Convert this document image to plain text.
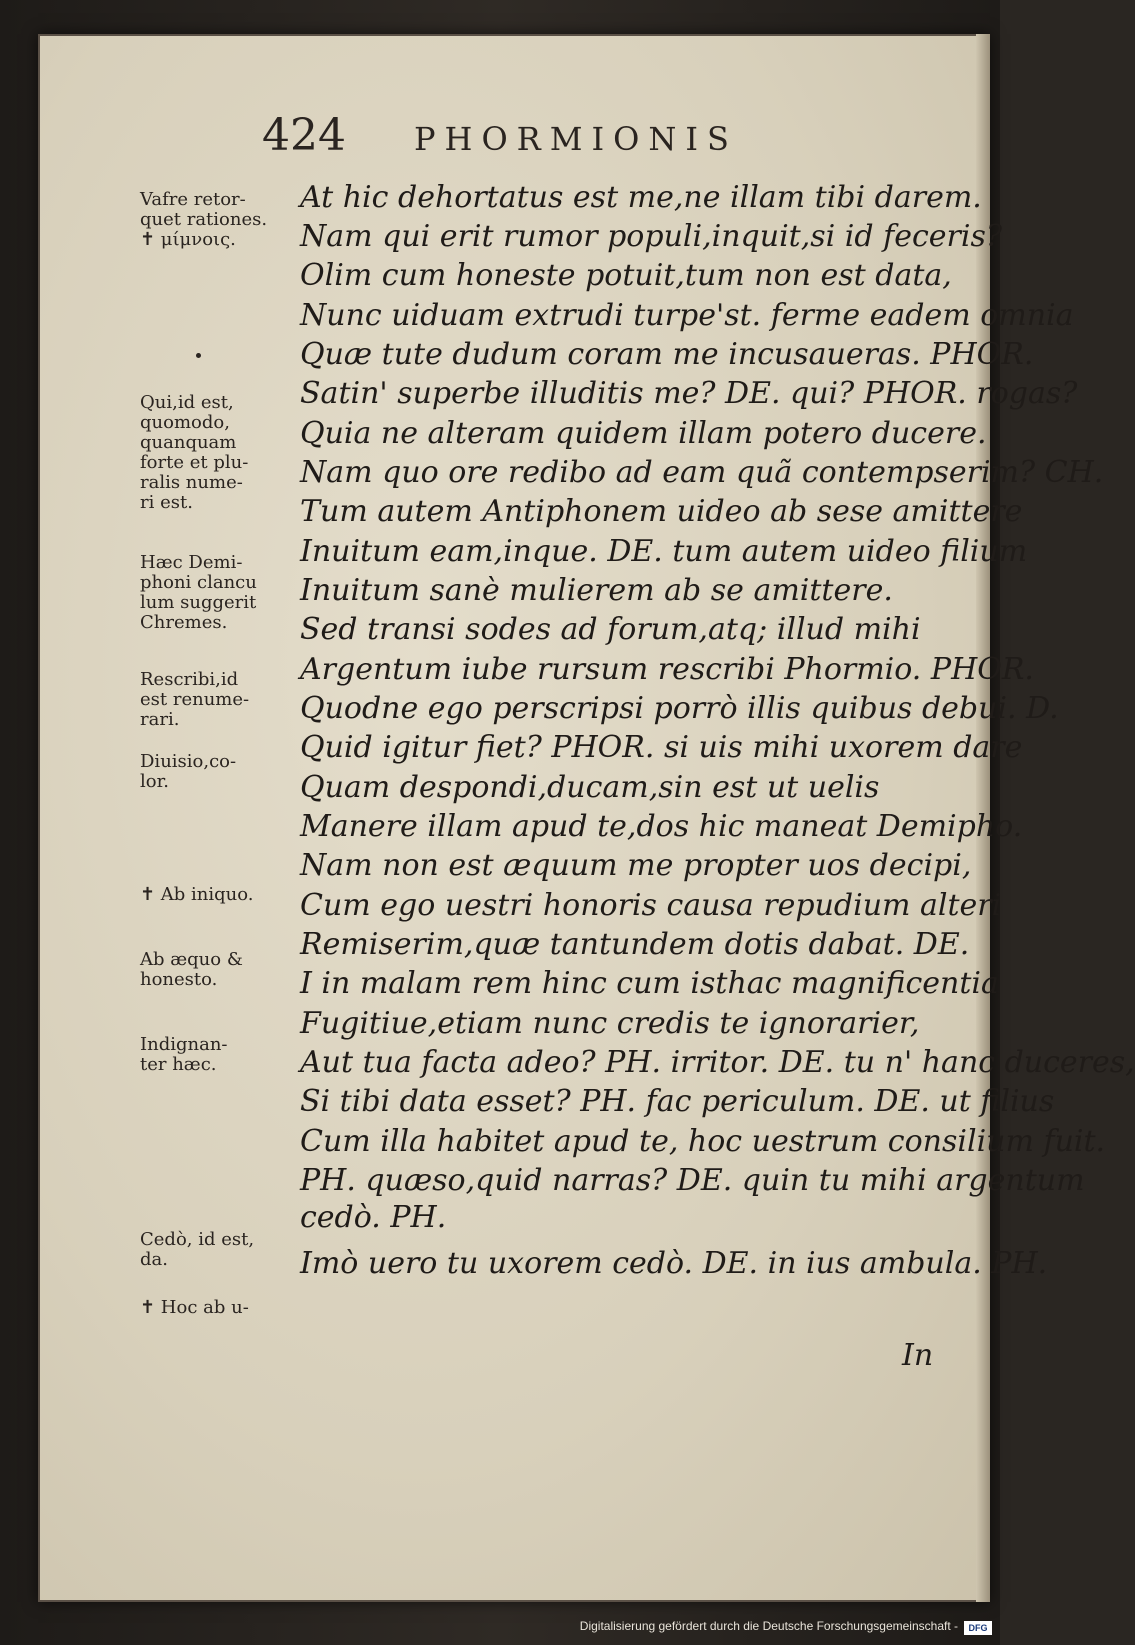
424 PHORMIONIS
At hic dehortatus est me,ne illam tibi darem.
Nam qui erit rumor populi,inquit,si id feceris?
Olim cum honeste potuit,tum non est data,
Nunc uiduam extrudi turpe'st. ferme eadem omnia
Quæ tute dudum coram me incusaueras. PHOR.
Satin' superbe illuditis me? DE. qui? PHOR. rogas?
Quia ne alteram quidem illam potero ducere.
Nam quo ore redibo ad eam quã contempserim? CH.
Tum autem Antiphonem uideo ab sese amittere
Inuitum eam,inque. DE. tum autem uideo filium
Inuitum sanè mulierem ab se amittere.
Sed transi sodes ad forum,atq; illud mihi
Argentum iube rursum rescribi Phormio. PHOR.
Quodne ego perscripsi porrò illis quibus debui. D.
Quid igitur fiet? PHOR. si uis mihi uxorem dare
Quam despondi,ducam,sin est ut uelis
Manere illam apud te,dos hic maneat Demipho.
Nam non est æquum me propter uos decipi,
Cum ego uestri honoris causa repudium alteri
Remiserim,quæ tantundem dotis dabat. DE.
I in malam rem hinc cum isthac magnificentia
Fugitiue,etiam nunc credis te ignorarier,
Aut tua facta adeo? PH. irritor. DE. tu n' hanc duceres,
Si tibi data esset? PH. fac periculum. DE. ut filius
Cum illa habitet apud te, hoc uestrum consilium fuit.
PH. quæso,quid narras? DE. quin tu mihi argentum
cedò. PH.
Imò uero tu uxorem cedò. DE. in ius ambula. PH.
Vafre retor-
quet rationes.
✝ μίμνοις.
Qui,id est,
quomodo,
quanquam
forte et plu-
ralis nume-
ri est.
Hæc Demi-
phoni clancu
lum suggerit
Chremes.
Rescribi,id
est renume-
rari.
Diuisio,co-
lor.
✝ Ab iniquo.
Ab æquo &
honesto.
Indignan-
ter hæc.
Cedò, id est,
da.
✝ Hoc ab u-
In
Digitalisierung gefördert durch die Deutsche Forschungsgemeinschaft -	DFG
